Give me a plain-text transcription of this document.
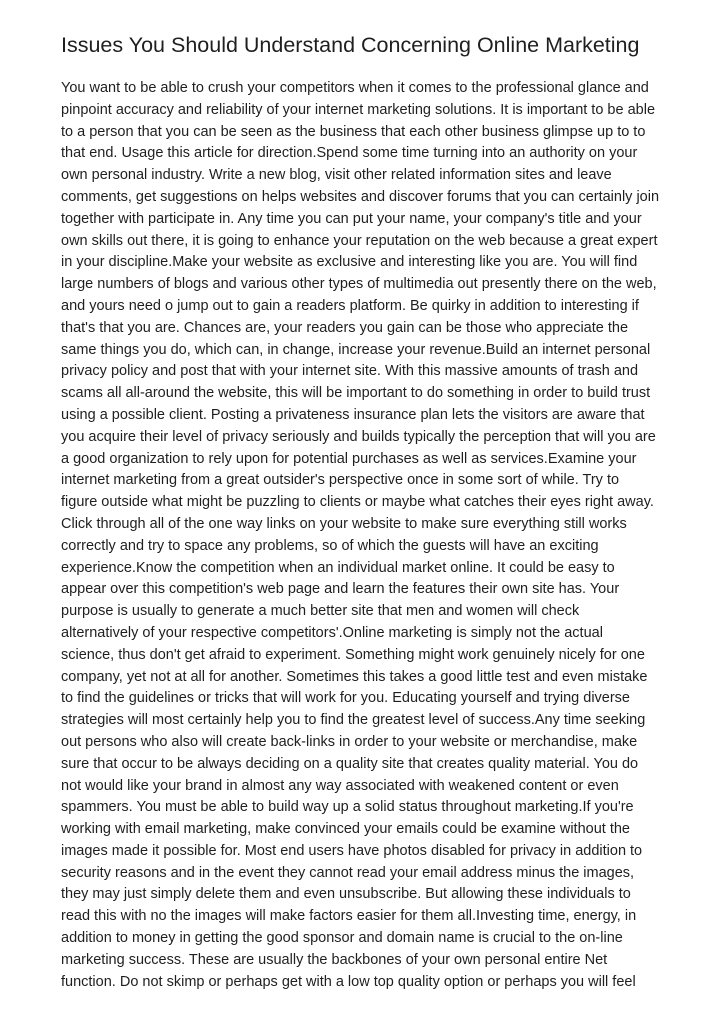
Issues You Should Understand Concerning Online Marketing

You want to be able to crush your competitors when it comes to the professional glance and
pinpoint accuracy and reliability of your internet marketing solutions. It is important to be able
to a person that you can be seen as the business that each other business glimpse up to to
that end. Usage this article for direction.Spend some time turning into an authority on your
own personal industry. Write a new blog, visit other related information sites and leave
comments, get suggestions on helps websites and discover forums that you can certainly join
together with participate in. Any time you can put your name, your company's title and your
own skills out there, it is going to enhance your reputation on the web because a great expert
in your discipline.Make your website as exclusive and interesting like you are. You will find
large numbers of blogs and various other types of multimedia out presently there on the web,
and yours need o jump out to gain a readers platform. Be quirky in addition to interesting if
that's that you are. Chances are, your readers you gain can be those who appreciate the
same things you do, which can, in change, increase your revenue.Build an internet personal
privacy policy and post that with your internet site. With this massive amounts of trash and
scams all all-around the website, this will be important to do something in order to build trust
using a possible client. Posting a privateness insurance plan lets the visitors are aware that
you acquire their level of privacy seriously and builds typically the perception that will you are
a good organization to rely upon for potential purchases as well as services.Examine your
internet marketing from a great outsider's perspective once in some sort of while. Try to
figure outside what might be puzzling to clients or maybe what catches their eyes right away.
Click through all of the one way links on your website to make sure everything still works
correctly and try to space any problems, so of which the guests will have an exciting
experience.Know the competition when an individual market online. It could be easy to
appear over this competition's web page and learn the features their own site has. Your
purpose is usually to generate a much better site that men and women will check
alternatively of your respective competitors'.Online marketing is simply not the actual
science, thus don't get afraid to experiment. Something might work genuinely nicely for one
company, yet not at all for another. Sometimes this takes a good little test and even mistake
to find the guidelines or tricks that will work for you. Educating yourself and trying diverse
strategies will most certainly help you to find the greatest level of success.Any time seeking
out persons who also will create back-links in order to your website or merchandise, make
sure that occur to be always deciding on a quality site that creates quality material. You do
not would like your brand in almost any way associated with weakened content or even
spammers. You must be able to build way up a solid status throughout marketing.If you're
working with email marketing, make convinced your emails could be examine without the
images made it possible for. Most end users have photos disabled for privacy in addition to
security reasons and in the event they cannot read your email address minus the images,
they may just simply delete them and even unsubscribe. But allowing these individuals to
read this with no the images will make factors easier for them all.Investing time, energy, in
addition to money in getting the good sponsor and domain name is crucial to the on-line
marketing success. These are usually the backbones of your own personal entire Net
function. Do not skimp or perhaps get with a low top quality option or perhaps you will feel
